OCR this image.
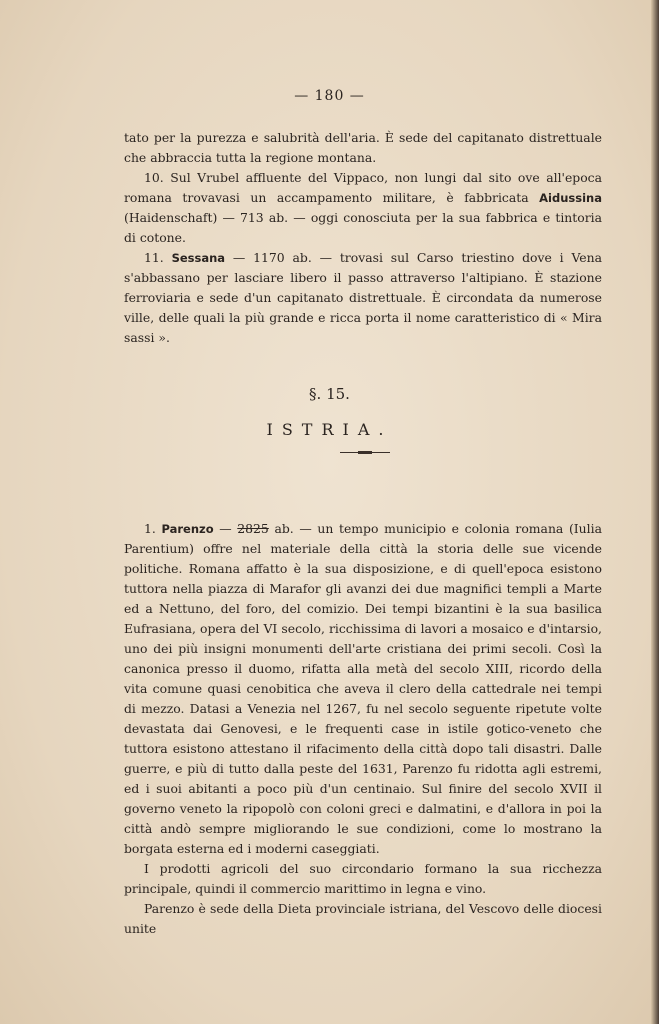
— 180 —

tato per la purezza e salubrità dell'aria. È sede del capitanato distrettuale che abbraccia tutta la regione montana.

10. Sul Vrubel affluente del Vippaco, non lungi dal sito ove all'epoca romana trovavasi un accampamento militare, è fabbricata Aidussina (Haidenschaft) — 713 ab. — oggi conosciuta per la sua fabbrica e tintoria di cotone.

11. Sessana — 1170 ab. — trovasi sul Carso triestino dove i Vena s'abbassano per lasciare libero il passo attraverso l'altipiano. È stazione ferroviaria e sede d'un capitanato distrettuale. È circondata da numerose ville, delle quali la più grande e ricca porta il nome caratteristico di « Mira sassi ».

§. 15.
ISTRIA.

1. Parenzo — 2825 ab. — un tempo municipio e colonia romana (Iulia Parentium) offre nel materiale della città la storia delle sue vicende politiche. Romana affatto è la sua disposizione, e di quell'epoca esistono tuttora nella piazza di Marafor gli avanzi dei due magnifici templi a Marte ed a Nettuno, del foro, del comizio. Dei tempi bizantini è la sua basilica Eufrasiana, opera del VI secolo, ricchissima di lavori a mosaico e d'intarsio, uno dei più insigni monumenti dell'arte cristiana dei primi secoli. Così la canonica presso il duomo, rifatta alla metà del secolo XIII, ricordo della vita comune quasi cenobitica che aveva il clero della cattedrale nei tempi di mezzo. Datasi a Venezia nel 1267, fu nel secolo seguente ripetute volte devastata dai Genovesi, e le frequenti case in istile gotico-veneto che tuttora esistono attestano il rifacimento della città dopo tali disastri. Dalle guerre, e più di tutto dalla peste del 1631, Parenzo fu ridotta agli estremi, ed i suoi abitanti a poco più d'un centinaio. Sul finire del secolo XVII il governo veneto la ripopolò con coloni greci e dalmatini, e d'allora in poi la città andò sempre migliorando le sue condizioni, come lo mostrano la borgata esterna ed i moderni caseggiati.

I prodotti agricoli del suo circondario formano la sua ricchezza principale, quindi il commercio marittimo in legna e vino.

Parenzo è sede della Dieta provinciale istriana, del Vescovo delle diocesi unite
